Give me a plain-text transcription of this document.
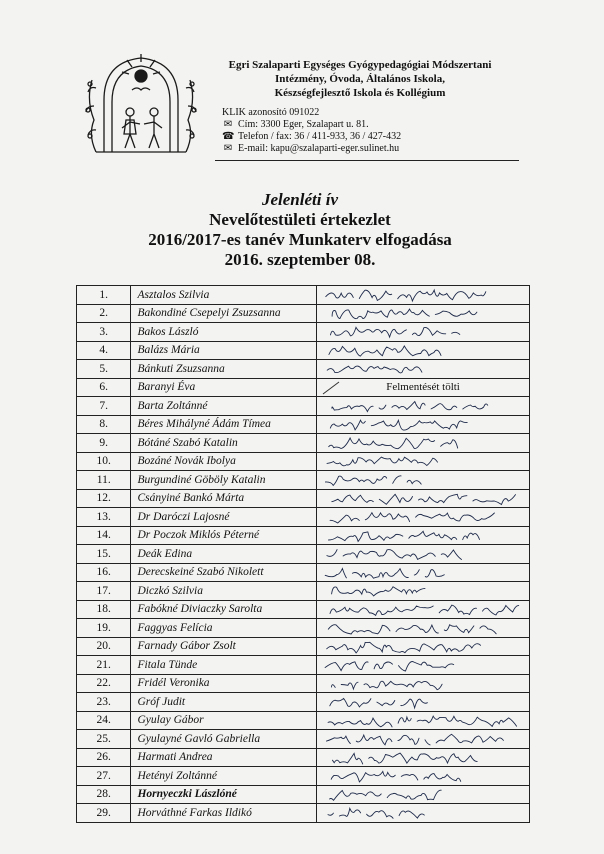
Egri Szalaparti Egységes Gyógypedagógiai Módszertani
Intézmény, Óvoda, Általános Iskola,
Készségfejlesztő Iskola és Kollégium
KLIK azonosító 091022
✉ Cím: 3300 Eger, Szalapart u. 81.
☎ Telefon / fax: 36 / 411-933, 36 / 427-432
✉ E-mail: kapu@szalaparti-eger.sulinet.hu
Jelenléti ív
Nevelőtestületi értekezlet
2016/2017-es tanév Munkaterv elfogadása
2016. szeptember 08.
1.	Asztalos Szilvia	

2.	Bakondiné Csepelyi Zsuzsanna	

3.	Bakos László	

4.	Balázs Mária	

5.	Bánkuti Zsuzsanna	

6.	Baranyi Éva	Felmentését tölti

7.	Barta Zoltánné	

8.	Béres Mihályné Ádám Tímea	

9.	Bótáné Szabó Katalin	

10.	Bozáné Novák Ibolya	

11.	Burgundiné Göböly Katalin	

12.	Csányiné Bankó Márta	

13.	Dr Daróczi Lajosné	

14.	Dr Poczok Miklós Péterné	

15.	Deák Edina	

16.	Derecskeiné Szabó Nikolett	

17.	Diczkó Szilvia	

18.	Fabókné Diviaczky Sarolta	

19.	Faggyas Felícia	

20.	Farnady Gábor Zsolt	

21.	Fitala Tünde	

22.	Fridél Veronika	

23.	Gróf Judit	

24.	Gyulay Gábor	

25.	Gyulayné Gavló Gabriella	

26.	Harmati Andrea	

27.	Hetényi Zoltánné	

28.	Hornyeczki Lászlóné	

29.	Horváthné Farkas Ildikó	
